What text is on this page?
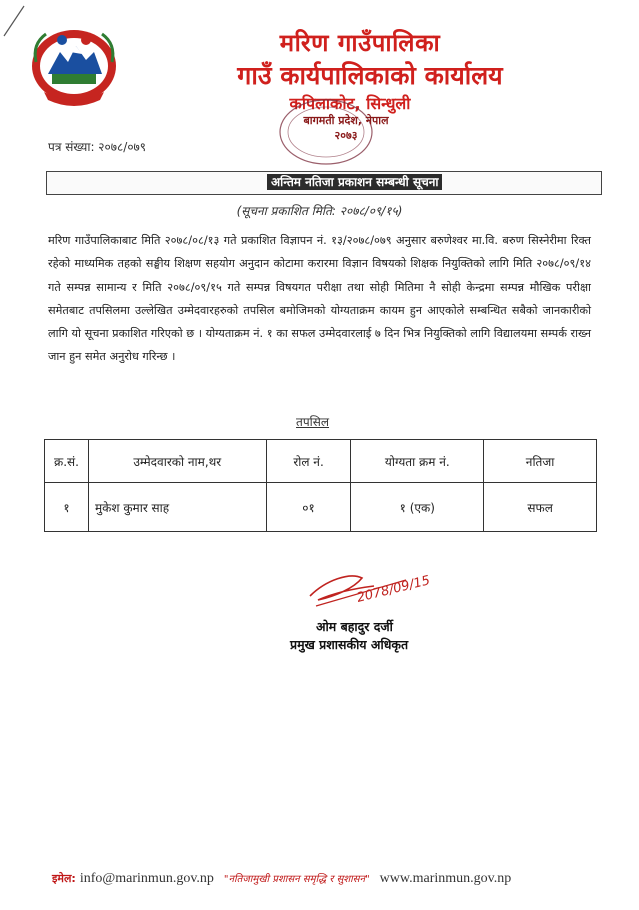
मरिण गाउँपालिका
गाउँ कार्यपालिकाको कार्यालय
कपिलाकोट, सिन्धुली
बागमती प्रदेश, नेपाल
२०७३
पत्र संख्या: २०७८/०७९
अन्तिम नतिजा प्रकाशन सम्बन्धी सूचना
(सूचना प्रकाशित मिति: २०७८/०९/१५)
मरिण गाउँपालिकाबाट मिति २०७८/०८/१३ गते प्रकाशित विज्ञापन नं. १३/२०७८/०७९ अनुसार बरुणेश्वर मा.वि. बरुण सिस्नेरीमा रिक्त रहेको माध्यमिक तहको सङ्घीय शिक्षण सहयोग अनुदान कोटामा करारमा विज्ञान विषयको शिक्षक नियुक्तिको लागि मिति २०७८/०९/१४ गते सम्पन्न सामान्य र मिति २०७८/०९/१५ गते सम्पन्न विषयगत परीक्षा तथा सोही मितिमा नै सोही केन्द्रमा सम्पन्न मौखिक परीक्षा समेतबाट तपसिलमा उल्लेखित उम्मेदवारहरुको तपसिल बमोजिमको योग्यताक्रम कायम हुन आएकोले सम्बन्धित सबैको जानकारीको लागि यो सूचना प्रकाशित गरिएको छ । योग्यताक्रम नं. १ का सफल उम्मेदवारलाई ७ दिन भित्र नियुक्तिको लागि विद्यालयमा सम्पर्क राख्न जान हुन समेत अनुरोध गरिन्छ ।
तपसिल
क्र.सं.	उम्मेदवारको नाम,थर	रोल नं.	योग्यता क्रम नं.	नतिजा
१	मुकेश कुमार साह	०१	१ (एक)	सफल
2078/09/15
ओम बहादुर दर्जी
प्रमुख प्रशासकीय अधिकृत
इमेल: info@marinmun.gov.np "नतिजामुखी प्रशासन समृद्धि र सुशासन" www.marinmun.gov.np
